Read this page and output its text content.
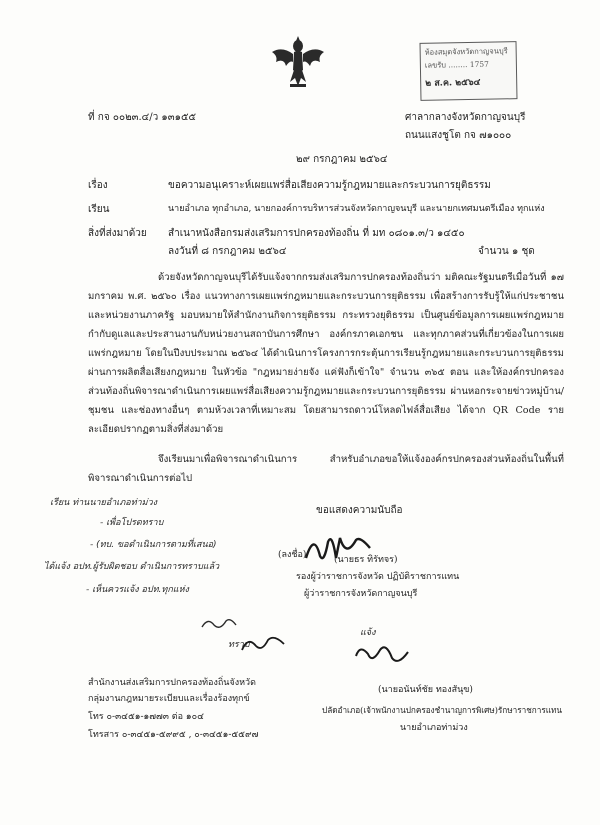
ห้องสมุดจังหวัดกาญจนบุรี
เลขรับ ........ 1757
๒ ส.ค. ๒๕๖๔
ที่ กจ ๐๐๒๓.๔/ว ๑๓๑๕๕	ศาลากลางจังหวัดกาญจนบุรี
ถนนแสงชูโต กจ ๗๑๐๐๐
๒๙ กรกฎาคม ๒๕๖๔
เรื่อง	ขอความอนุเคราะห์เผยแพร่สื่อเสียงความรู้กฎหมายและกระบวนการยุติธรรม
เรียน	นายอำเภอ ทุกอำเภอ, นายกองค์การบริหารส่วนจังหวัดกาญจนบุรี และนายกเทศมนตรีเมือง ทุกแห่ง
สิ่งที่ส่งมาด้วย สำเนาหนังสือกรมส่งเสริมการปกครองท้องถิ่น ที่ มท ๐๘๐๑.๓/ว ๑๔๕๐
ลงวันที่ ๘ กรกฎาคม ๒๕๖๔	จำนวน ๑ ชุด
ด้วยจังหวัดกาญจนบุรีได้รับแจ้งจากกรมส่งเสริมการปกครองท้องถิ่นว่า มติคณะรัฐมนตรีเมื่อวันที่ ๑๗ มกราคม พ.ศ. ๒๕๖๐ เรื่อง แนวทางการเผยแพร่กฎหมายและกระบวนการยุติธรรม เพื่อสร้างการรับรู้ให้แก่ประชาชนและหน่วยงานภาครัฐ มอบหมายให้สำนักงานกิจการยุติธรรม กระทรวงยุติธรรม เป็นศูนย์ข้อมูลการเผยแพร่กฎหมาย กำกับดูแลและประสานงานกับหน่วยงานสถาบันการศึกษา องค์กรภาคเอกชน และทุกภาคส่วนที่เกี่ยวข้องในการเผยแพร่กฎหมาย โดยในปีงบประมาณ ๒๕๖๔ ได้ดำเนินการโครงการกระตุ้นการเรียนรู้กฎหมายและกระบวนการยุติธรรมผ่านการผลิตสื่อเสียงกฎหมาย ในหัวข้อ "กฎหมายง่ายจัง แค่ฟังก็เข้าใจ" จำนวน ๓๖๕ ตอน และให้องค์กรปกครองส่วนท้องถิ่นพิจารณาดำเนินการเผยแพร่สื่อเสียงความรู้กฎหมายและกระบวนการยุติธรรม ผ่านหอกระจายข่าวหมู่บ้าน/ชุมชน และช่องทางอื่นๆ ตามห้วงเวลาที่เหมาะสม โดยสามารถดาวน์โหลดไฟล์สื่อเสียง ได้จาก QR Code รายละเอียดปรากฏตามสิ่งที่ส่งมาด้วย
จึงเรียนมาเพื่อพิจารณาดำเนินการ สำหรับอำเภอขอให้แจ้งองค์กรปกครองส่วนท้องถิ่นในพื้นที่พิจารณาดำเนินการต่อไป
ขอแสดงความนับถือ
เรียน ท่านนายอำเภอท่าม่วง
- เพื่อโปรดทราบ
- (ทบ. ขอดำเนินการตามที่เสนอ)
ได้แจ้ง อปท.ผู้รับผิดชอบ ดำเนินการทราบแล้ว
- เห็นควรแจ้ง อปท.ทุกแห่ง
(ลงชื่อ)	(นายธร ทิรัทจร)
รองผู้ว่าราชการจังหวัด ปฏิบัติราชการแทน
ผู้ว่าราชการจังหวัดกาญจนบุรี
ทราบ
แจ้ง
สำนักงานส่งเสริมการปกครองท้องถิ่นจังหวัด
กลุ่มงานกฎหมายระเบียบและเรื่องร้องทุกข์
โทร ๐-๓๔๕๑-๑๗๗๓ ต่อ ๑๐๔
โทรสาร ๐-๓๔๕๑-๕๙๙๕ , ๐-๓๔๕๑-๕๕๙๗
(นายอนันท์ชัย ทองสันุข)
ปลัดอำเภอ(เจ้าพนักงานปกครองชำนาญการพิเศษ)รักษาราชการแทน
นายอำเภอท่าม่วง
